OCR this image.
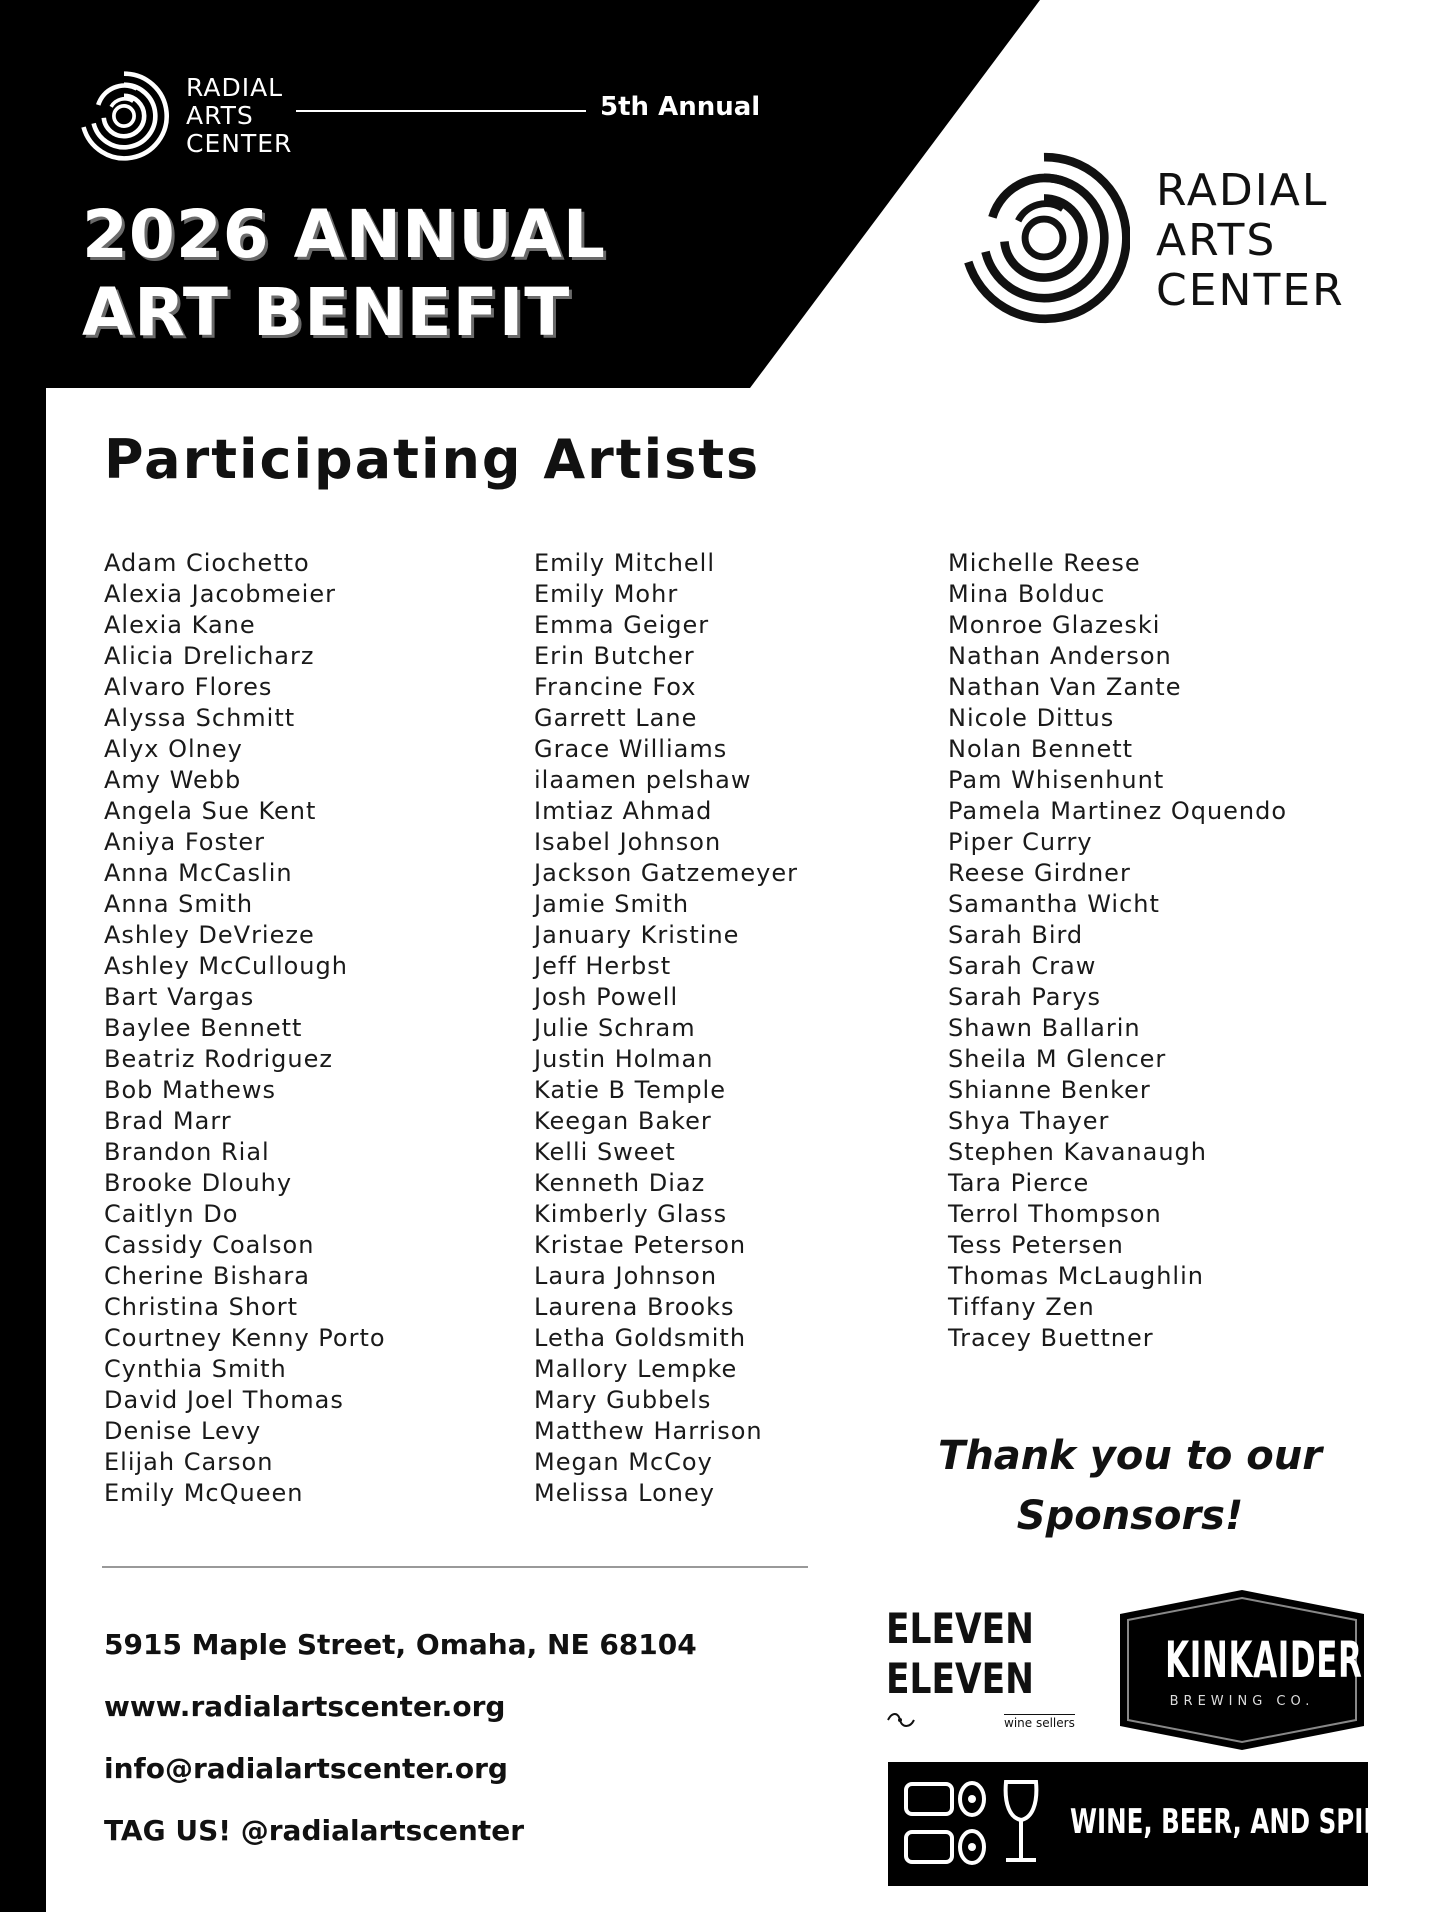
RADIAL
ARTS
CENTER
5th Annual
2026 ANNUAL
ART BENEFIT
RADIAL
ARTS
CENTER
Participating Artists
Adam Ciochetto
Alexia Jacobmeier
Alexia Kane
Alicia Drelicharz
Alvaro Flores
Alyssa Schmitt
Alyx Olney
Amy Webb
Angela Sue Kent
Aniya Foster
Anna McCaslin
Anna Smith
Ashley DeVrieze
Ashley McCullough
Bart Vargas
Baylee Bennett
Beatriz Rodriguez
Bob Mathews
Brad Marr
Brandon Rial
Brooke Dlouhy
Caitlyn Do
Cassidy Coalson
Cherine Bishara
Christina Short
Courtney Kenny Porto
Cynthia Smith
David Joel Thomas
Denise Levy
Elijah Carson
Emily McQueen
Emily Mitchell
Emily Mohr
Emma Geiger
Erin Butcher
Francine Fox
Garrett Lane
Grace Williams
ilaamen pelshaw
Imtiaz Ahmad
Isabel Johnson
Jackson Gatzemeyer
Jamie Smith
January Kristine
Jeff Herbst
Josh Powell
Julie Schram
Justin Holman
Katie B Temple
Keegan Baker
Kelli Sweet
Kenneth Diaz
Kimberly Glass
Kristae Peterson
Laura Johnson
Laurena Brooks
Letha Goldsmith
Mallory Lempke
Mary Gubbels
Matthew Harrison
Megan McCoy
Melissa Loney
Michelle Reese
Mina Bolduc
Monroe Glazeski
Nathan Anderson
Nathan Van Zante
Nicole Dittus
Nolan Bennett
Pam Whisenhunt
Pamela Martinez Oquendo
Piper Curry
Reese Girdner
Samantha Wicht
Sarah Bird
Sarah Craw
Sarah Parys
Shawn Ballarin
Sheila M Glencer
Shianne Benker
Shya Thayer
Stephen Kavanaugh
Tara Pierce
Terrol Thompson
Tess Petersen
Thomas McLaughlin
Tiffany Zen
Tracey Buettner
Thank you to our
Sponsors!
5915 Maple Street, Omaha, NE 68104
www.radialartscenter.org
info@radialartscenter.org
TAG US! @radialartscenter
ELEVEN
ELEVEN
wine sellers
KINKAIDER
BREWING CO.
WINE, BEER, AND SPIRITS
